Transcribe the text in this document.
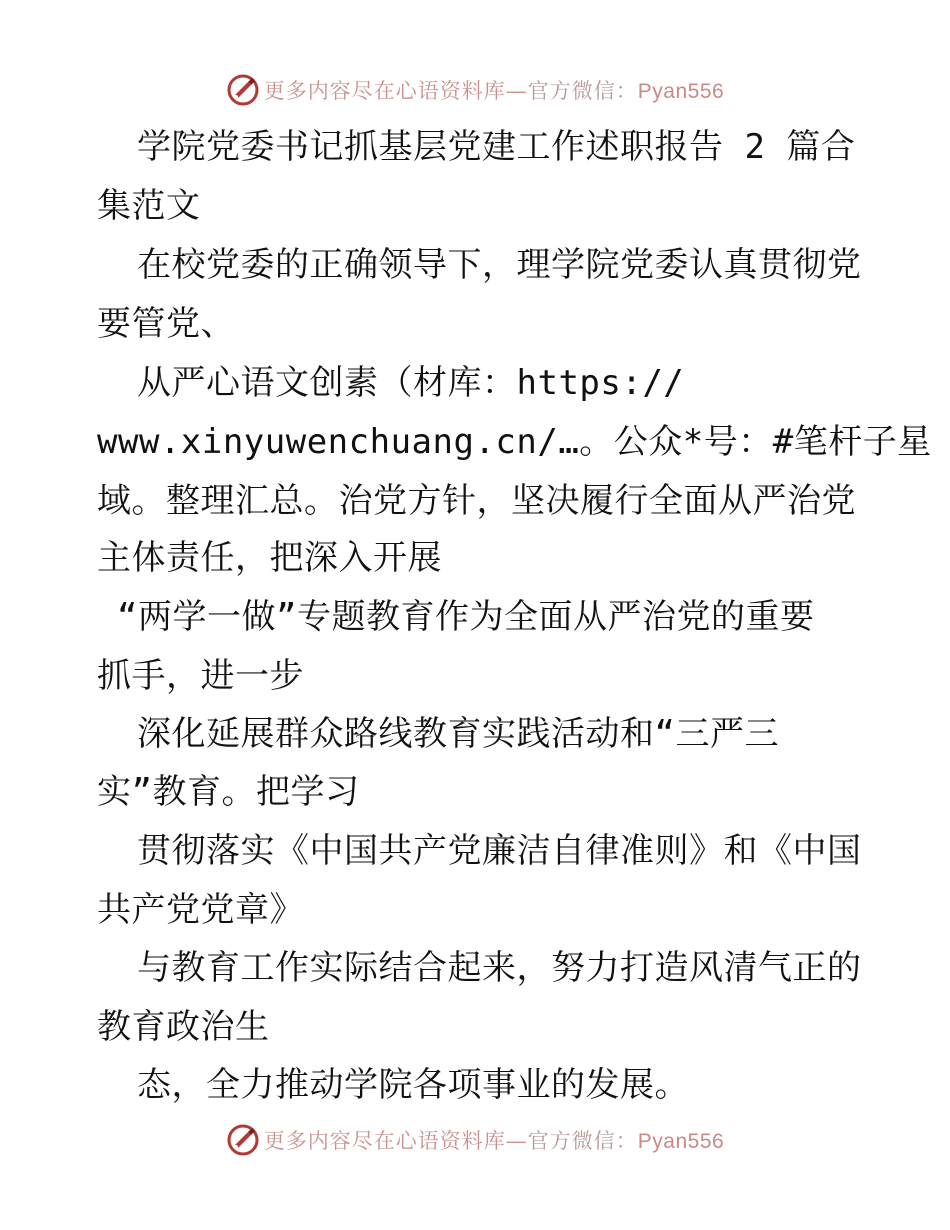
更多内容尽在心语资料库—官方微信：Pyan556
学院党委书记抓基层党建工作述职报告 2 篇合
集范文
在校党委的正确领导下，理学院党委认真贯彻党
要管党、
从严心语文创素（材库：https://
www.xinyuwenchuang.cn/…。公众*号：#笔杆子星
域。整理汇总。治党方针，坚决履行全面从严治党
主体责任，把深入开展
“两学一做”专题教育作为全面从严治党的重要
抓手，进一步
深化延展群众路线教育实践活动和“三严三
实”教育。把学习
贯彻落实《中国共产党廉洁自律准则》和《中国
共产党党章》
与教育工作实际结合起来，努力打造风清气正的
教育政治生
态，全力推动学院各项事业的发展。
更多内容尽在心语资料库—官方微信：Pyan556
